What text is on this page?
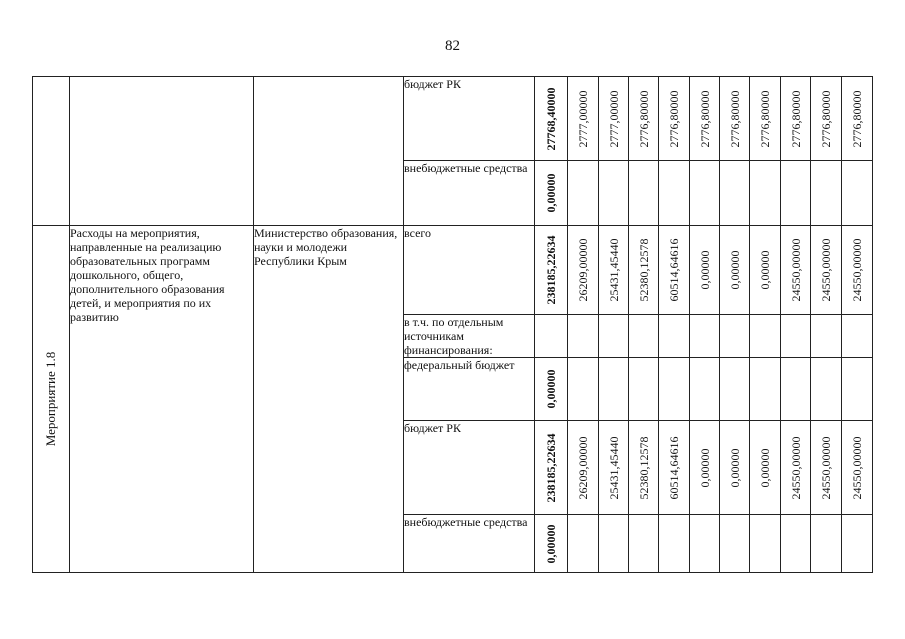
82
			бюджет РК	27768,40000	2777,00000	2777,00000	2776,80000	2776,80000	2776,80000	2776,80000	2776,80000	2776,80000	2776,80000	2776,80000

			внебюджетные средства	0,00000										

Мероприятие 1.8	Расходы на мероприятия, направленные на реализацию образовательных программ дошкольного, общего, дополнительного образования детей, и мероприятия по их развитию	Министерство образования, науки и молодежи Республики Крым	всего	238185,22634	26209,00000	25431,45440	52380,12578	60514,64616	0,00000	0,00000	0,00000	24550,00000	24550,00000	24550,00000

			в т.ч. по отдельным источникам финансирования:	

			федеральный бюджет	0,00000										

			бюджет РК	238185,22634	26209,00000	25431,45440	52380,12578	60514,64616	0,00000	0,00000	0,00000	24550,00000	24550,00000	24550,00000

			внебюджетные средства	0,00000										
